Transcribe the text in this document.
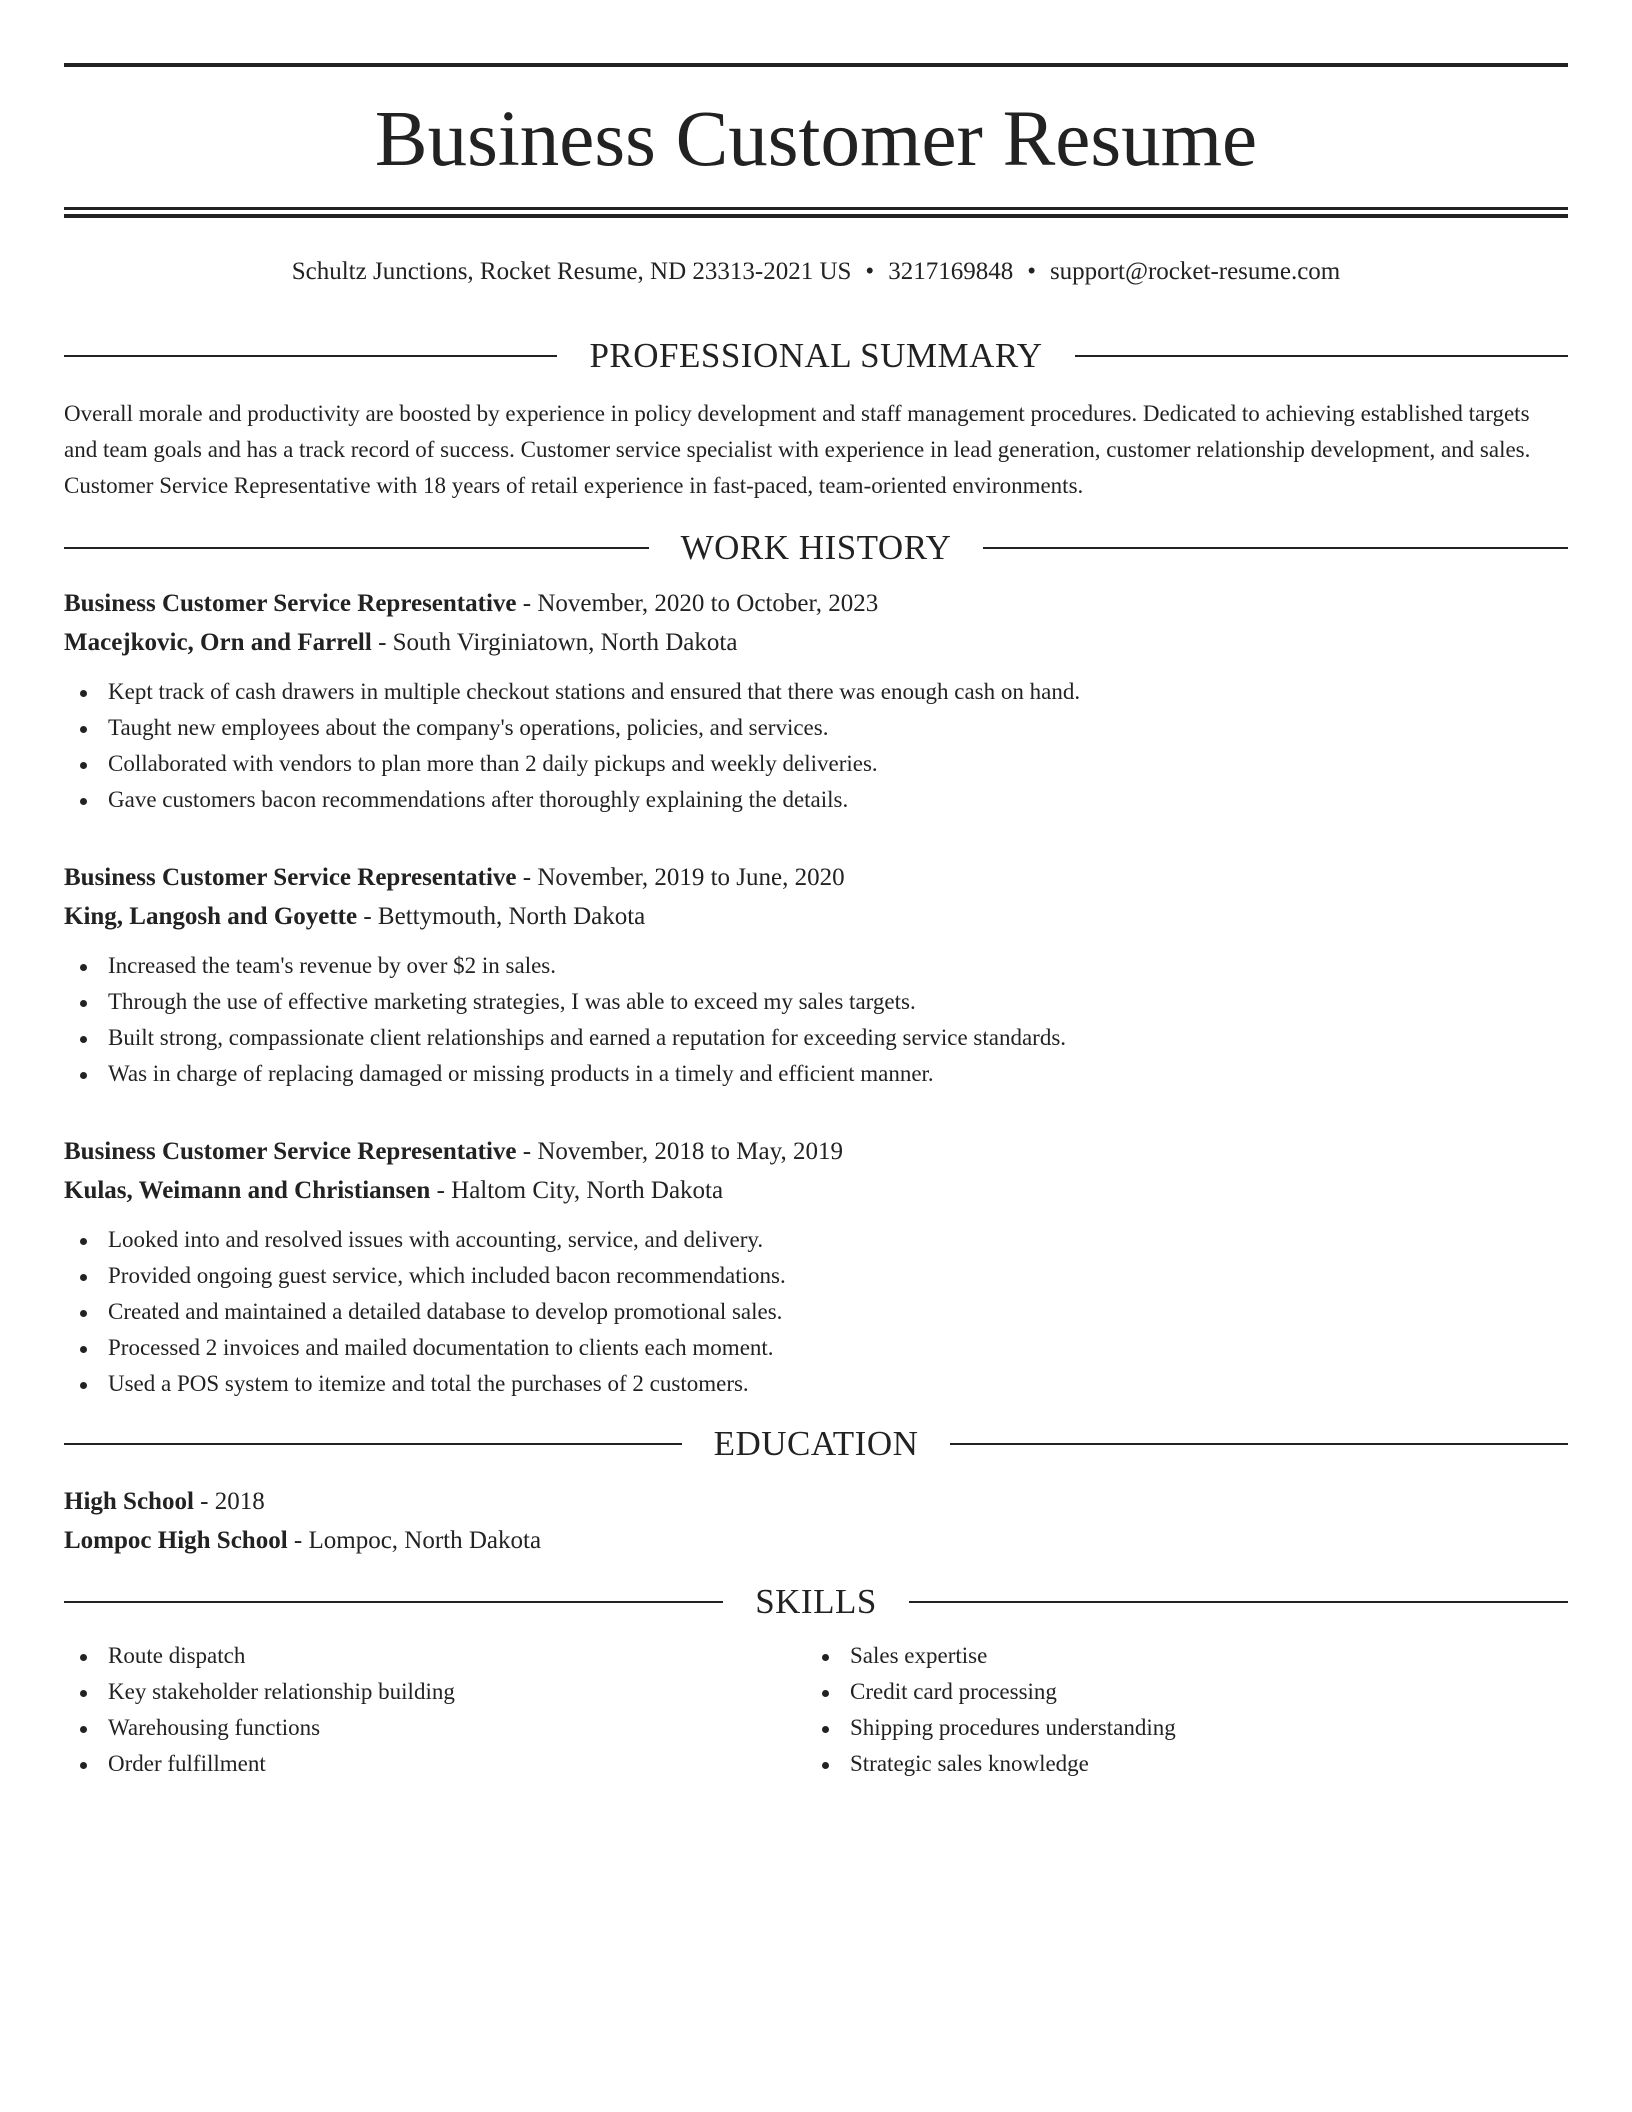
Business Customer Resume
Schultz Junctions, Rocket Resume, ND 23313-2021 US • 3217169848 • support@rocket-resume.com
PROFESSIONAL SUMMARY

Overall morale and productivity are boosted by experience in policy development and staff management procedures. Dedicated to achieving established targets and team goals and has a track record of success. Customer service specialist with experience in lead generation, customer relationship development, and sales. Customer Service Representative with 18 years of retail experience in fast-paced, team-oriented environments.

WORK HISTORY
Business Customer Service Representative - November, 2020 to October, 2023
Macejkovic, Orn and Farrell - South Virginiatown, North Dakota
Kept track of cash drawers in multiple checkout stations and ensured that there was enough cash on hand.
Taught new employees about the company's operations, policies, and services.
Collaborated with vendors to plan more than 2 daily pickups and weekly deliveries.
Gave customers bacon recommendations after thoroughly explaining the details.
Business Customer Service Representative - November, 2019 to June, 2020
King, Langosh and Goyette - Bettymouth, North Dakota
Increased the team's revenue by over $2 in sales.
Through the use of effective marketing strategies, I was able to exceed my sales targets.
Built strong, compassionate client relationships and earned a reputation for exceeding service standards.
Was in charge of replacing damaged or missing products in a timely and efficient manner.
Business Customer Service Representative - November, 2018 to May, 2019
Kulas, Weimann and Christiansen - Haltom City, North Dakota
Looked into and resolved issues with accounting, service, and delivery.
Provided ongoing guest service, which included bacon recommendations.
Created and maintained a detailed database to develop promotional sales.
Processed 2 invoices and mailed documentation to clients each moment.
Used a POS system to itemize and total the purchases of 2 customers.
EDUCATION
High School - 2018
Lompoc High School - Lompoc, North Dakota
SKILLS
Route dispatch
Key stakeholder relationship building
Warehousing functions
Order fulfillment
Sales expertise
Credit card processing
Shipping procedures understanding
Strategic sales knowledge
